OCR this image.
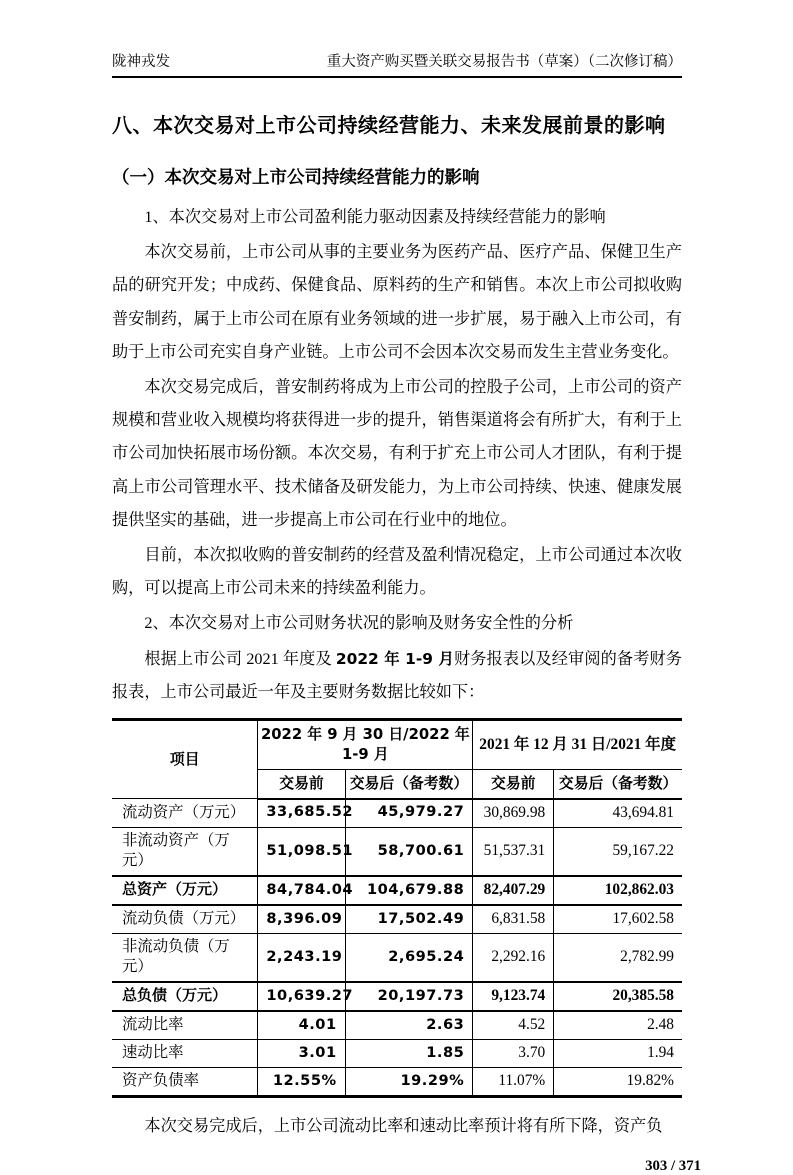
陇神戎发	重大资产购买暨关联交易报告书（草案）（二次修订稿）
八、本次交易对上市公司持续经营能力、未来发展前景的影响
（一）本次交易对上市公司持续经营能力的影响

1、本次交易对上市公司盈利能力驱动因素及持续经营能力的影响

本次交易前，上市公司从事的主要业务为医药产品、医疗产品、保健卫生产品的研究开发；中成药、保健食品、原料药的生产和销售。本次上市公司拟收购普安制药，属于上市公司在原有业务领域的进一步扩展，易于融入上市公司，有助于上市公司充实自身产业链。上市公司不会因本次交易而发生主营业务变化。

本次交易完成后，普安制药将成为上市公司的控股子公司，上市公司的资产规模和营业收入规模均将获得进一步的提升，销售渠道将会有所扩大，有利于上市公司加快拓展市场份额。本次交易，有利于扩充上市公司人才团队，有利于提高上市公司管理水平、技术储备及研发能力，为上市公司持续、快速、健康发展提供坚实的基础，进一步提高上市公司在行业中的地位。

目前，本次拟收购的普安制药的经营及盈利情况稳定，上市公司通过本次收购，可以提高上市公司未来的持续盈利能力。

2、本次交易对上市公司财务状况的影响及财务安全性的分析

根据上市公司 2021 年度及 2022 年 1-9 月财务报表以及经审阅的备考财务报表，上市公司最近一年及主要财务数据比较如下：

项目	2022 年 9 月 30 日/2022 年 1-9 月		2021 年 12 月 31 日/2021 年度	
	交易前	交易后（备考数）	交易前	交易后（备考数）
流动资产（万元）	33,685.52	45,979.27	30,869.98	43,694.81
非流动资产（万元）	51,098.51	58,700.61	51,537.31	59,167.22
总资产（万元）	84,784.04	104,679.88	82,407.29	102,862.03
流动负债（万元）	8,396.09	17,502.49	6,831.58	17,602.58
非流动负债（万元）	2,243.19	2,695.24	2,292.16	2,782.99
总负债（万元）	10,639.27	20,197.73	9,123.74	20,385.58
流动比率	4.01	2.63	4.52	2.48
速动比率	3.01	1.85	3.70	1.94
资产负债率	12.55%	19.29%	11.07%	19.82%

本次交易完成后，上市公司流动比率和速动比率预计将有所下降，资产负

303 / 371
